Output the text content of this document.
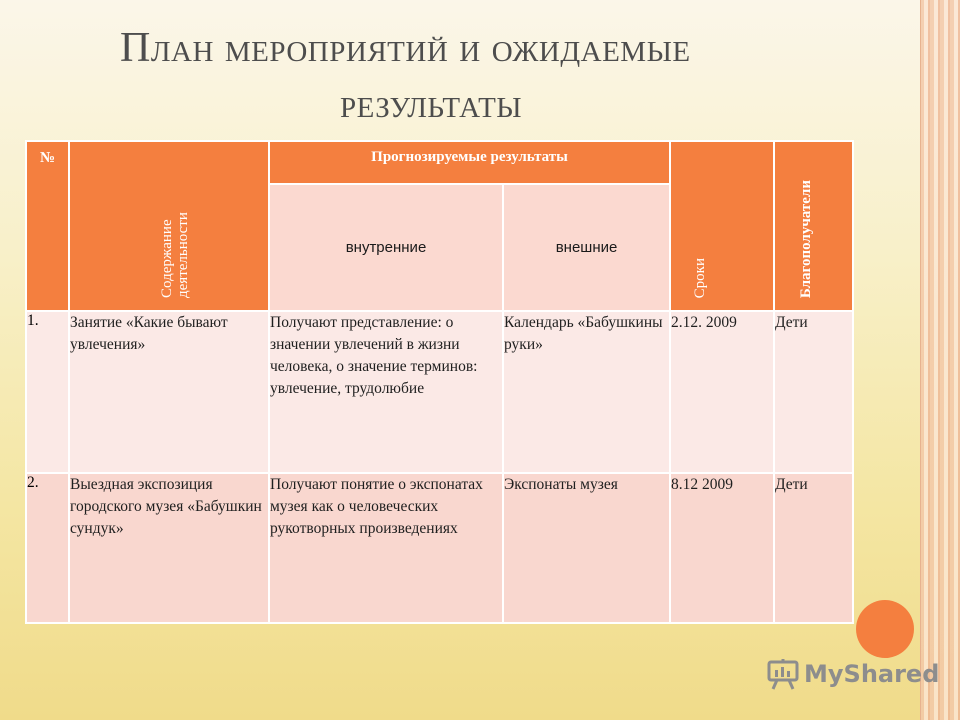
План мероприятий и ожидаемые
результаты
№	Содержание деятельности	Прогнозируемые результаты		Сроки	Благополучатели

		внутренние	внешние		
1.	Занятие «Какие бывают увлечения»	Получают представление: о значении увлечений в жизни человека, о значение терминов: увлечение, трудолюбие	Календарь «Бабушкины руки»	2.12. 2009	Дети
2.	Выездная экспозиция городского музея «Бабушкин сундук»	Получают понятие о экспонатах музея как о человеческих рукотворных произведениях	Экспонаты музея	8.12 2009	Дети
MyShared
